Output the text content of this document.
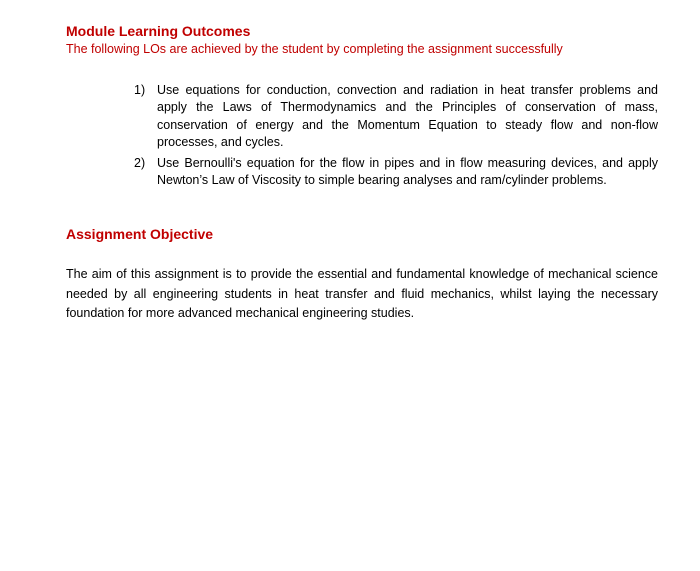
Module Learning Outcomes
The following LOs are achieved by the student by completing the assignment successfully
1) Use equations for conduction, convection and radiation in heat transfer problems and apply the Laws of Thermodynamics and the Principles of conservation of mass, conservation of energy and the Momentum Equation to steady flow and non-flow processes, and cycles.
2) Use Bernoulli's equation for the flow in pipes and in flow measuring devices, and apply Newton’s Law of Viscosity to simple bearing analyses and ram/cylinder problems.
Assignment Objective

The aim of this assignment is to provide the essential and fundamental knowledge of mechanical science needed by all engineering students in heat transfer and fluid mechanics, whilst laying the necessary foundation for more advanced mechanical engineering studies.
